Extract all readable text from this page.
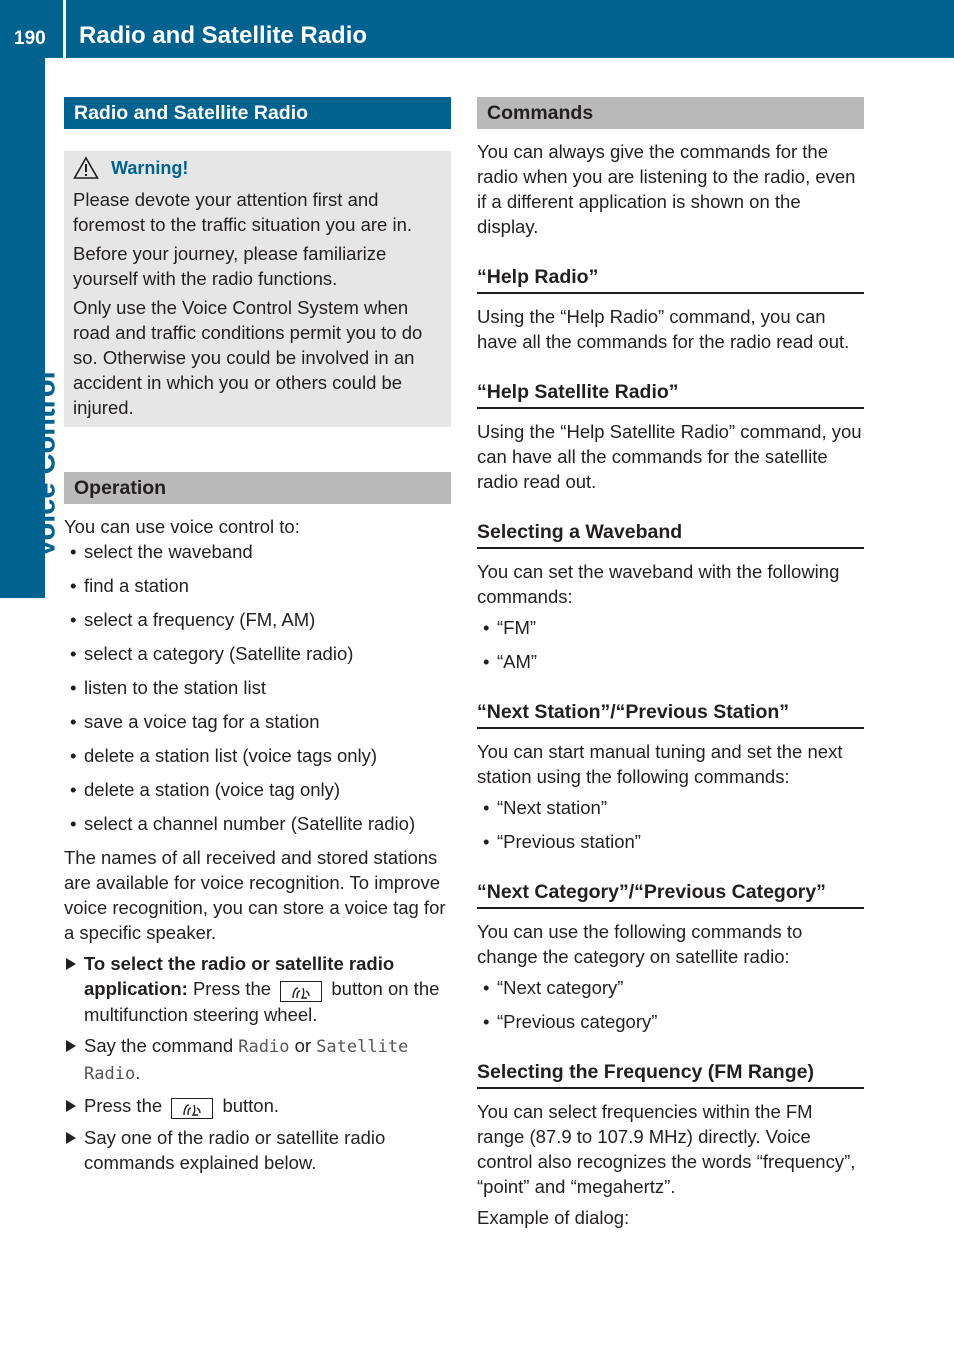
190 Radio and Satellite Radio
Voice Control
Radio and Satellite Radio
Warning!

Please devote your attention first and foremost to the traffic situation you are in.

Before your journey, please familiarize yourself with the radio functions.

Only use the Voice Control System when road and traffic conditions permit you to do so. Otherwise you could be involved in an accident in which you or others could be injured.

Operation

You can use voice control to:

• select the waveband
• find a station
• select a frequency (FM, AM)
• select a category (Satellite radio)
• listen to the station list
• save a voice tag for a station
• delete a station list (voice tags only)
• delete a station (voice tag only)
• select a channel number (Satellite radio)

The names of all received and stored stations are available for voice recognition. To improve voice recognition, you can store a voice tag for a specific speaker.

To select the radio or satellite radio application: Press the	button on the multifunction steering wheel.
Say the command Radio or Satellite Radio.
Press the	button.
Say one of the radio or satellite radio commands explained below.
Commands

You can always give the commands for the radio when you are listening to the radio, even if a different application is shown on the display.

“Help Radio”

Using the “Help Radio” command, you can have all the commands for the radio read out.

“Help Satellite Radio”

Using the “Help Satellite Radio” command, you can have all the commands for the satellite radio read out.

Selecting a Waveband

You can set the waveband with the following commands:

• “FM”
• “AM”
“Next Station”/“Previous Station”

You can start manual tuning and set the next station using the following commands:

• “Next station”
• “Previous station”
“Next Category”/“Previous Category”

You can use the following commands to change the category on satellite radio:

• “Next category”
• “Previous category”
Selecting the Frequency (FM Range)

You can select frequencies within the FM range (87.9 to 107.9 MHz) directly. Voice control also recognizes the words “frequency”, “point” and “megahertz”.

Example of dialog:
